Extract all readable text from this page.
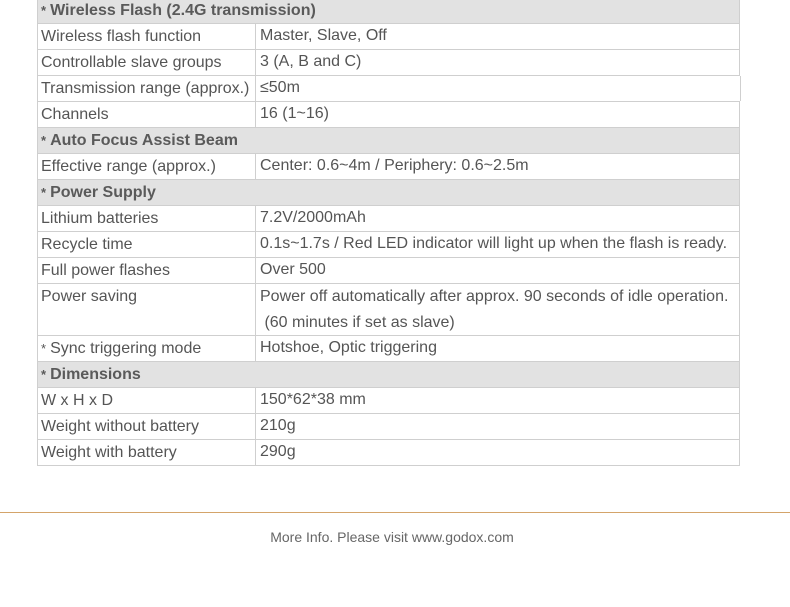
* Wireless Flash (2.4G transmission)
Wireless flash function	Master, Slave, Off
Controllable slave groups	3 (A, B and C)
Transmission range (approx.) ≤50m
Channels	16 (1~16)
* Auto Focus Assist Beam
Effective range (approx.)	Center: 0.6~4m / Periphery: 0.6~2.5m
* Power Supply
Lithium batteries	7.2V/2000mAh
Recycle time	0.1s~1.7s / Red LED indicator will light up when the flash is ready.
Full power flashes	Over 500
Power saving	Power off automatically after approx. 90 seconds of idle operation.
(60 minutes if set as slave)
* Sync triggering mode	Hotshoe, Optic triggering
* Dimensions
W x H x D	150*62*38 mm
Weight without battery	210g
Weight with battery	290g
More Info. Please visit www.godox.com
